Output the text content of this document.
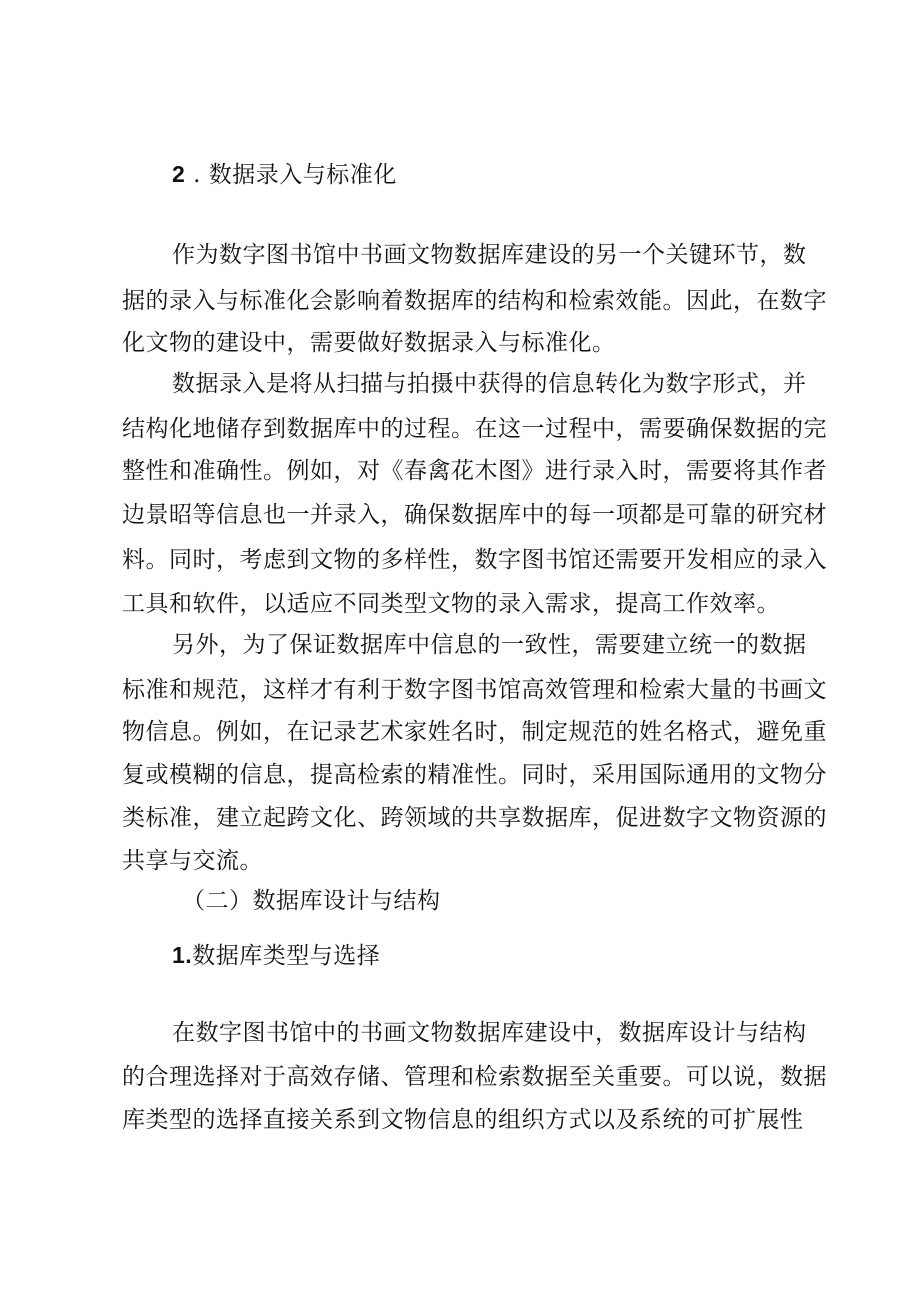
2 . 数据录入与标准化
作为数字图书馆中书画文物数据库建设的另一个关键环节，数
据的录入与标准化会影响着数据库的结构和检索效能。因此，在数字
化文物的建设中，需要做好数据录入与标准化。
数据录入是将从扫描与拍摄中获得的信息转化为数字形式，并
结构化地储存到数据库中的过程。在这一过程中，需要确保数据的完
整性和准确性。例如，对《春禽花木图》进行录入时，需要将其作者
边景昭等信息也一并录入，确保数据库中的每一项都是可靠的研究材
料。同时，考虑到文物的多样性，数字图书馆还需要开发相应的录入
工具和软件，以适应不同类型文物的录入需求，提高工作效率。
另外，为了保证数据库中信息的一致性，需要建立统一的数据
标准和规范，这样才有利于数字图书馆高效管理和检索大量的书画文
物信息。例如，在记录艺术家姓名时，制定规范的姓名格式，避免重
复或模糊的信息，提高检索的精准性。同时，采用国际通用的文物分
类标准，建立起跨文化、跨领域的共享数据库，促进数字文物资源的
共享与交流。
（二）数据库设计与结构
1.数据库类型与选择
在数字图书馆中的书画文物数据库建设中，数据库设计与结构
的合理选择对于高效存储、管理和检索数据至关重要。可以说，数据
库类型的选择直接关系到文物信息的组织方式以及系统的可扩展性
